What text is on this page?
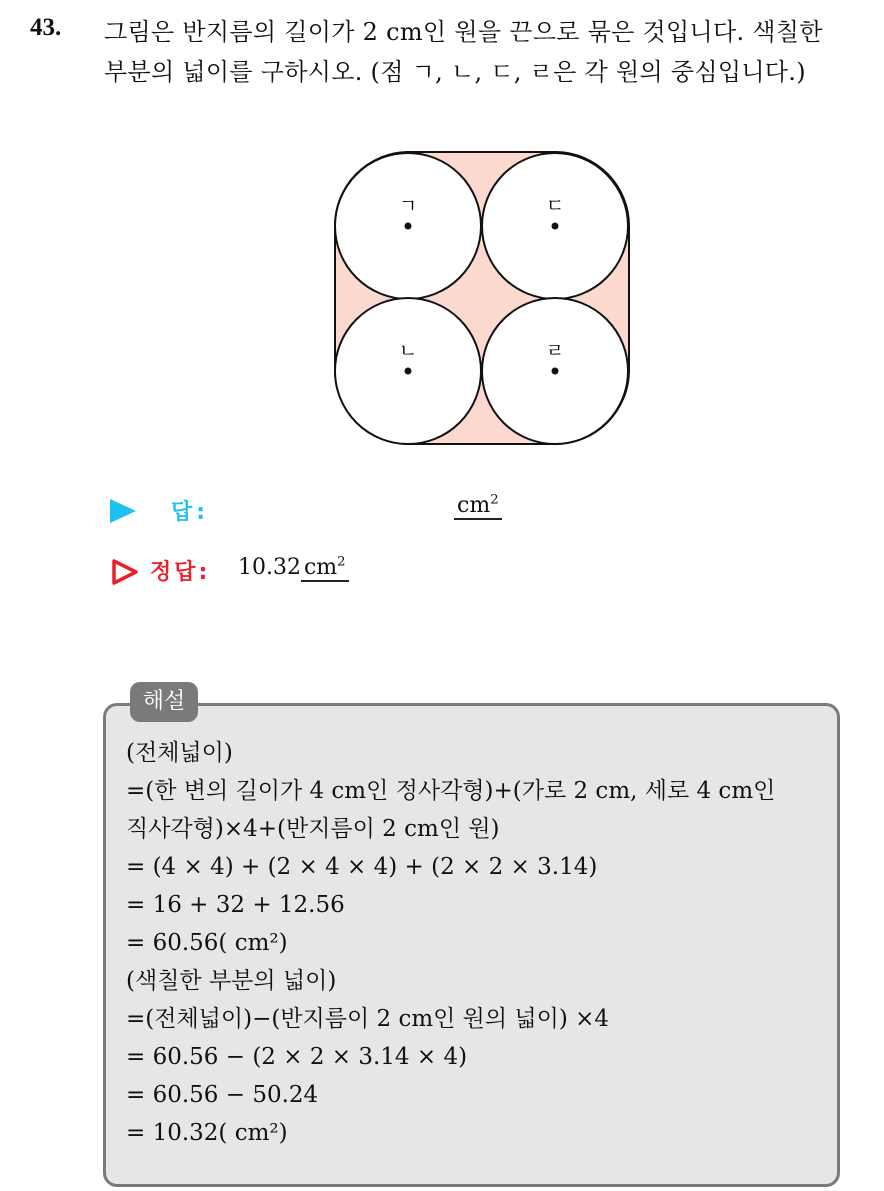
43. 그림은 반지름의 길이가 2 cm인 원을 끈으로 묶은 것입니다. 색칠한
부분의 넓이를 구하시오. (점 ㄱ, ㄴ, ㄷ, ㄹ은 각 원의 중심입니다.)
ㄱ	ㄷ
ㄴ	ㄹ
답:	$cm^2$
정답: 10.32 $cm^2$
해설
(전체넓이)
=(한 변의 길이가 4 cm인 정사각형)+(가로 2 cm, 세로 4 cm인
직사각형)×4+(반지름이 2 cm인 원)
= (4 × 4) + (2 × 4 × 4) + (2 × 2 × 3.14)
= 16 + 32 + 12.56
= 60.56( cm²)
(색칠한 부분의 넓이)
=(전체넓이)−(반지름이 2 cm인 원의 넓이) ×4
= 60.56 − (2 × 2 × 3.14 × 4)
= 60.56 − 50.24
= 10.32( cm²)
